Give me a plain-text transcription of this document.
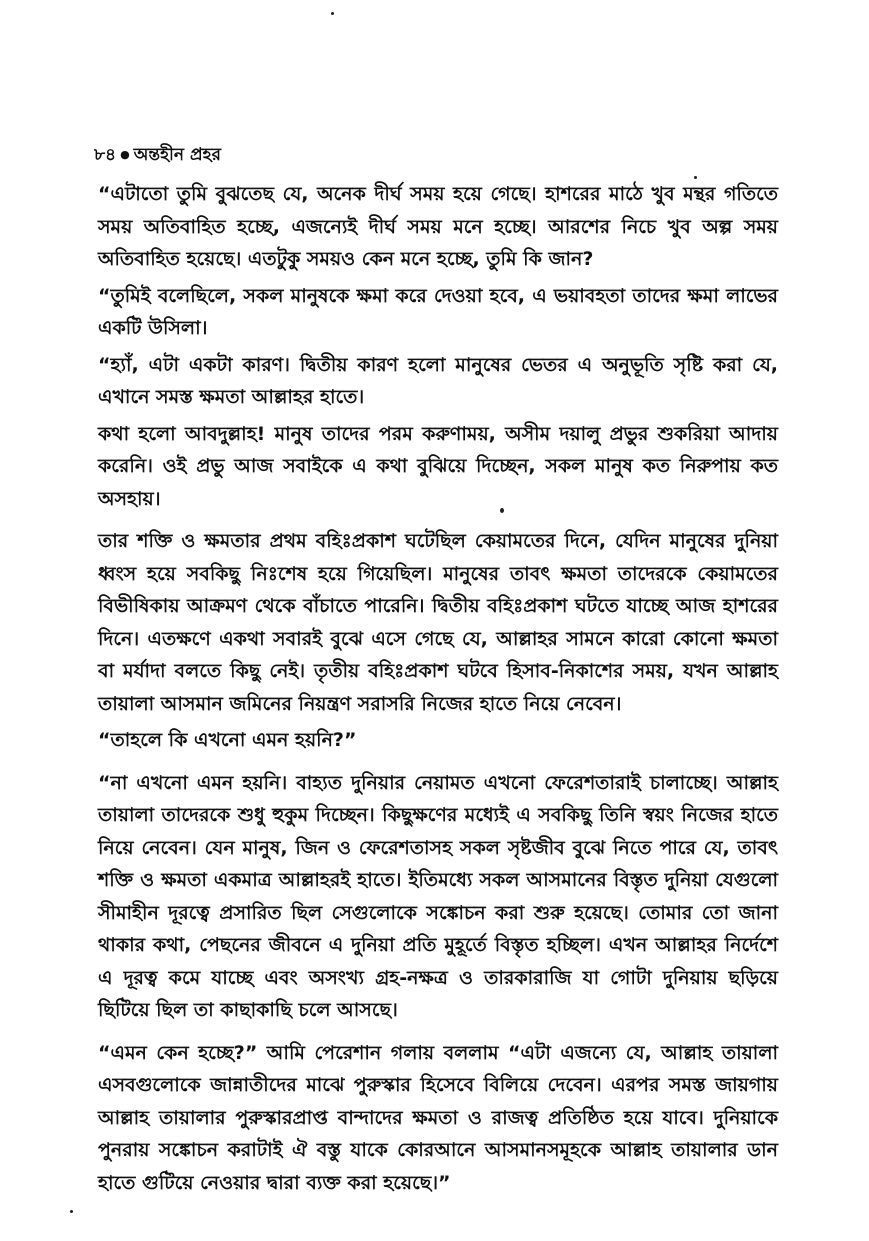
৮৪ ● অন্তহীন প্রহর

“এটাতো তুমি বুঝতেছ যে, অনেক দীর্ঘ সময় হয়ে গেছে। হাশরের মাঠে খুব মন্থর গতিতে সময় অতিবাহিত হচ্ছে, এজন্যেই দীর্ঘ সময় মনে হচ্ছে। আরশের নিচে খুব অল্প সময় অতিবাহিত হয়েছে। এতটুকু সময়ও কেন মনে হচ্ছে, তুমি কি জান?

“তুমিই বলেছিলে, সকল মানুষকে ক্ষমা করে দেওয়া হবে, এ ভয়াবহতা তাদের ক্ষমা লাভের একটি উসিলা।

“হ্যাঁ, এটা একটা কারণ। দ্বিতীয় কারণ হলো মানুষের ভেতর এ অনুভূতি সৃষ্টি করা যে, এখানে সমস্ত ক্ষমতা আল্লাহর হাতে।

কথা হলো আবদুল্লাহ! মানুষ তাদের পরম করুণাময়, অসীম দয়ালু প্রভুর শুকরিয়া আদায় করেনি। ওই প্রভু আজ সবাইকে এ কথা বুঝিয়ে দিচ্ছেন, সকল মানুষ কত নিরুপায় কত অসহায়।

তার শক্তি ও ক্ষমতার প্রথম বহিঃপ্রকাশ ঘটেছিল কেয়ামতের দিনে, যেদিন মানুষের দুনিয়া ধ্বংস হয়ে সবকিছু নিঃশেষ হয়ে গিয়েছিল। মানুষের তাবৎ ক্ষমতা তাদেরকে কেয়ামতের বিভীষিকায় আক্রমণ থেকে বাঁচাতে পারেনি। দ্বিতীয় বহিঃপ্রকাশ ঘটতে যাচ্ছে আজ হাশরের দিনে। এতক্ষণে একথা সবারই বুঝে এসে গেছে যে, আল্লাহর সামনে কারো কোনো ক্ষমতা বা মর্যাদা বলতে কিছু নেই। তৃতীয় বহিঃপ্রকাশ ঘটবে হিসাব-নিকাশের সময়, যখন আল্লাহ তায়ালা আসমান জমিনের নিয়ন্ত্রণ সরাসরি নিজের হাতে নিয়ে নেবেন।

“তাহলে কি এখনো এমন হয়নি?”

“না এখনো এমন হয়নি। বাহ্যত দুনিয়ার নেয়ামত এখনো ফেরেশতারাই চালাচ্ছে। আল্লাহ তায়ালা তাদেরকে শুধু হুকুম দিচ্ছেন। কিছুক্ষণের মধ্যেই এ সবকিছু তিনি স্বয়ং নিজের হাতে নিয়ে নেবেন। যেন মানুষ, জিন ও ফেরেশতাসহ সকল সৃষ্টজীব বুঝে নিতে পারে যে, তাবৎ শক্তি ও ক্ষমতা একমাত্র আল্লাহরই হাতে। ইতিমধ্যে সকল আসমানের বিস্তৃত দুনিয়া যেগুলো সীমাহীন দূরত্বে প্রসারিত ছিল সেগুলোকে সঙ্কোচন করা শুরু হয়েছে। তোমার তো জানা থাকার কথা, পেছনের জীবনে এ দুনিয়া প্রতি মুহূর্তে বিস্তৃত হচ্ছিল। এখন আল্লাহর নির্দেশে এ দূরত্ব কমে যাচ্ছে এবং অসংখ্য গ্রহ-নক্ষত্র ও তারকারাজি যা গোটা দুনিয়ায় ছড়িয়ে ছিটিয়ে ছিল তা কাছাকাছি চলে আসছে।

“এমন কেন হচ্ছে?” আমি পেরেশান গলায় বললাম “এটা এজন্যে যে, আল্লাহ তায়ালা এসবগুলোকে জান্নাতীদের মাঝে পুরুস্কার হিসেবে বিলিয়ে দেবেন। এরপর সমস্ত জায়গায় আল্লাহ তায়ালার পুরুস্কারপ্রাপ্ত বান্দাদের ক্ষমতা ও রাজত্ব প্রতিষ্ঠিত হয়ে যাবে। দুনিয়াকে পুনরায় সঙ্কোচন করাটাই ঐ বস্তু যাকে কোরআনে আসমানসমূহকে আল্লাহ তায়ালার ডান হাতে গুটিয়ে নেওয়ার দ্বারা ব্যক্ত করা হয়েছে।”
